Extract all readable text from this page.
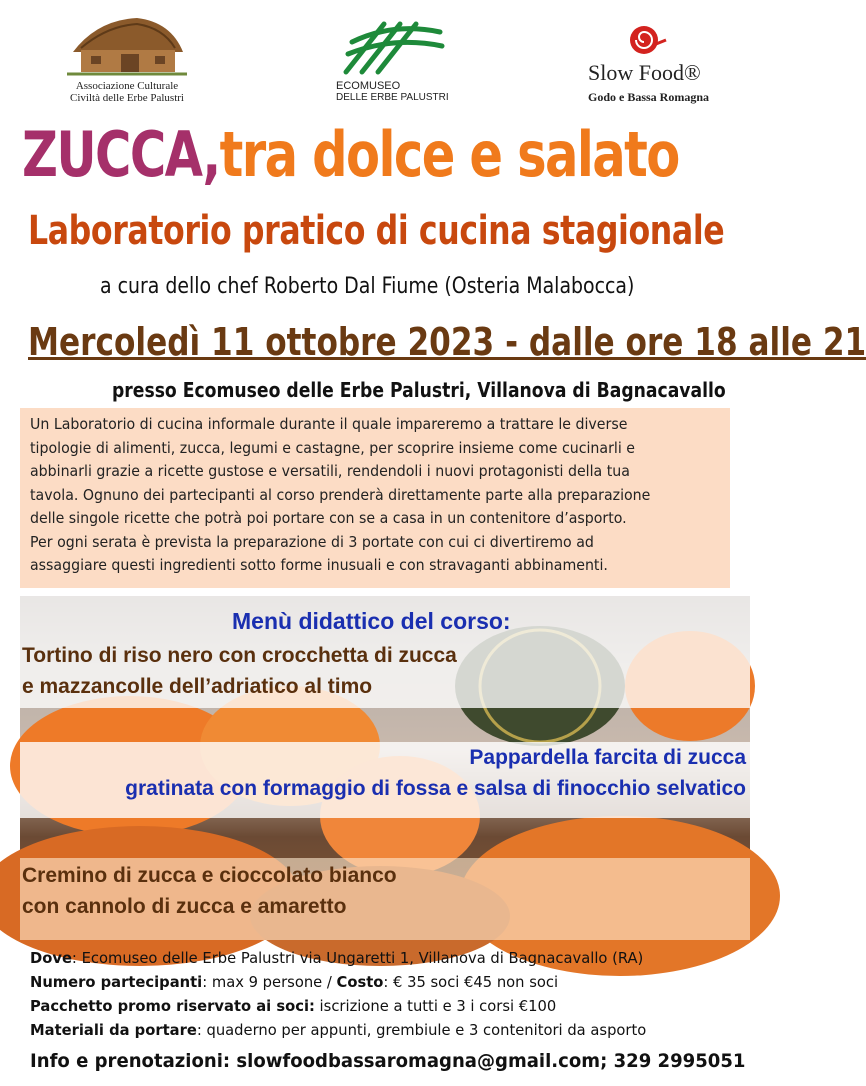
Associazione Culturale
Civiltà delle Erbe Palustri
ECOMUSEO
DELLE ERBE PALUSTRI
Slow Food®
Godo e Bassa Romagna
ZUCCA,tra dolce e salato
Laboratorio pratico di cucina stagionale
a cura dello chef Roberto Dal Fiume (Osteria Malabocca)
Mercoledì 11 ottobre 2023 - dalle ore 18 alle 21
presso Ecomuseo delle Erbe Palustri, Villanova di Bagnacavallo

Un Laboratorio di cucina informale durante il quale impareremo a trattare le diverse

tipologie di alimenti, zucca, legumi e castagne, per scoprire insieme come cucinarli e

abbinarli grazie a ricette gustose e versatili, rendendoli i nuovi protagonisti della tua

tavola. Ognuno dei partecipanti al corso prenderà direttamente parte alla preparazione

delle singole ricette che potrà poi portare con se a casa in un contenitore d’asporto.

Per ogni serata è prevista la preparazione di 3 portate con cui ci divertiremo ad

assaggiare questi ingredienti sotto forme inusuali e con stravaganti abbinamenti.

Menù didattico del corso:
Tortino di riso nero con crocchetta di zucca
e mazzancolle dell’adriatico al timo
Pappardella farcita di zucca
gratinata con formaggio di fossa e salsa di finocchio selvatico
Cremino di zucca e cioccolato bianco
con cannolo di zucca e amaretto
Dove: Ecomuseo delle Erbe Palustri via Ungaretti 1, Villanova di Bagnacavallo (RA)
Numero partecipanti: max 9 persone / Costo: € 35 soci €45 non soci
Pacchetto promo riservato ai soci: iscrizione a tutti e 3 i corsi €100
Materiali da portare: quaderno per appunti, grembiule e 3 contenitori da asporto
Info e prenotazioni: slowfoodbassaromagna@gmail.com; 329 2995051
